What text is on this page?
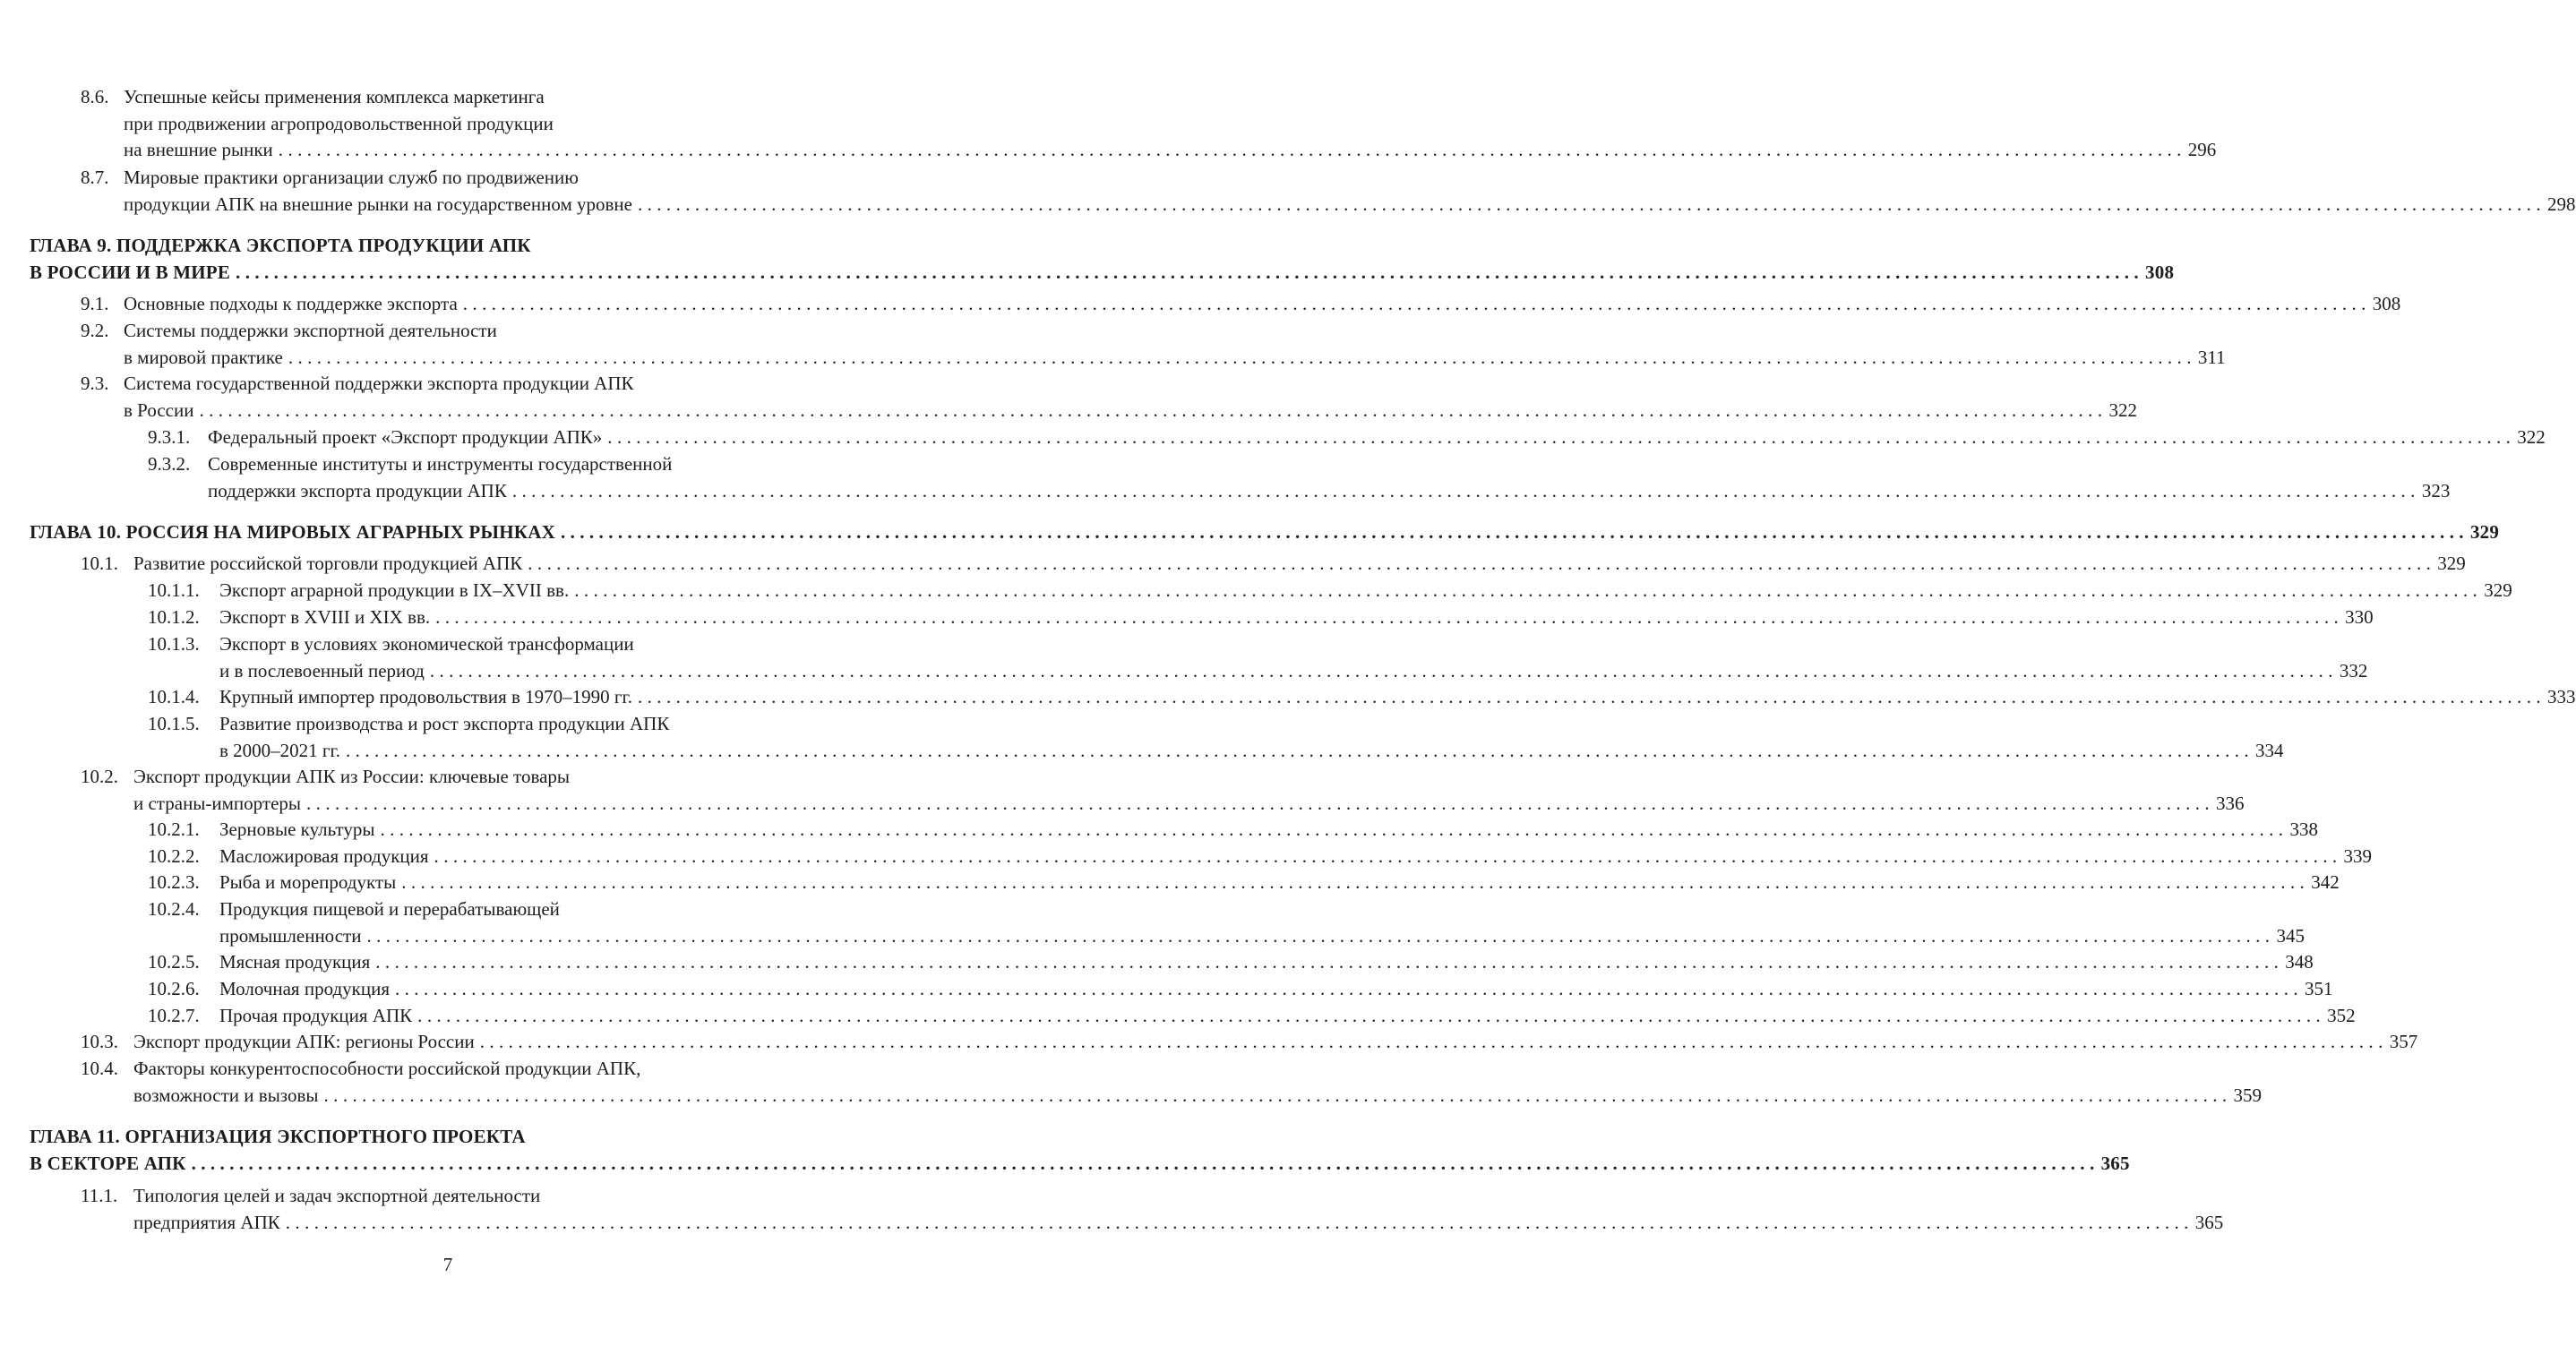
8.6. Успешные кейсы применения комплекса маркетинга
при продвижении агропродовольственной продукции
на внешние рынки ........................................................................................................................................................................................................ 296
8.7. Мировые практики организации служб по продвижению
продукции АПК на внешние рынки на государственном уровне ........................................................................................................................................................................................................ 298
ГЛАВА 9. ПОДДЕРЖКА ЭКСПОРТА ПРОДУКЦИИ АПК
В РОССИИ И В МИРЕ ........................................................................................................................................................................................................ 308
9.1. Основные подходы к поддержке экспорта ........................................................................................................................................................................................................ 308
9.2. Системы поддержки экспортной деятельности
в мировой практике ........................................................................................................................................................................................................ 311
9.3. Система государственной поддержки экспорта продукции АПК
в России ........................................................................................................................................................................................................ 322
9.3.1. Федеральный проект «Экспорт продукции АПК» ........................................................................................................................................................................................................ 322
9.3.2. Современные институты и инструменты государственной
поддержки экспорта продукции АПК ........................................................................................................................................................................................................ 323
ГЛАВА 10. РОССИЯ НА МИРОВЫХ АГРАРНЫХ РЫНКАХ ........................................................................................................................................................................................................ 329
10.1. Развитие российской торговли продукцией АПК ........................................................................................................................................................................................................ 329
10.1.1. Экспорт аграрной продукции в IX–XVII вв. ........................................................................................................................................................................................................ 329
10.1.2. Экспорт в XVIII и XIX вв. ........................................................................................................................................................................................................ 330
10.1.3. Экспорт в условиях экономической трансформации
и в послевоенный период ........................................................................................................................................................................................................ 332
10.1.4. Крупный импортер продовольствия в 1970–1990 гг. ........................................................................................................................................................................................................ 333
10.1.5. Развитие производства и рост экспорта продукции АПК
в 2000–2021 гг. ........................................................................................................................................................................................................ 334
10.2. Экспорт продукции АПК из России: ключевые товары
и страны-импортеры ........................................................................................................................................................................................................ 336
10.2.1. Зерновые культуры ........................................................................................................................................................................................................ 338
10.2.2. Масложировая продукция ........................................................................................................................................................................................................ 339
10.2.3. Рыба и морепродукты ........................................................................................................................................................................................................ 342
10.2.4. Продукция пищевой и перерабатывающей
промышленности ........................................................................................................................................................................................................ 345
10.2.5. Мясная продукция ........................................................................................................................................................................................................ 348
10.2.6. Молочная продукция ........................................................................................................................................................................................................ 351
10.2.7. Прочая продукция АПК ........................................................................................................................................................................................................ 352
10.3. Экспорт продукции АПК: регионы России ........................................................................................................................................................................................................ 357
10.4. Факторы конкурентоспособности российской продукции АПК,
возможности и вызовы ........................................................................................................................................................................................................ 359
ГЛАВА 11. ОРГАНИЗАЦИЯ ЭКСПОРТНОГО ПРОЕКТА
В СЕКТОРЕ АПК ........................................................................................................................................................................................................ 365
11.1. Типология целей и задач экспортной деятельности
предприятия АПК ........................................................................................................................................................................................................ 365
7
